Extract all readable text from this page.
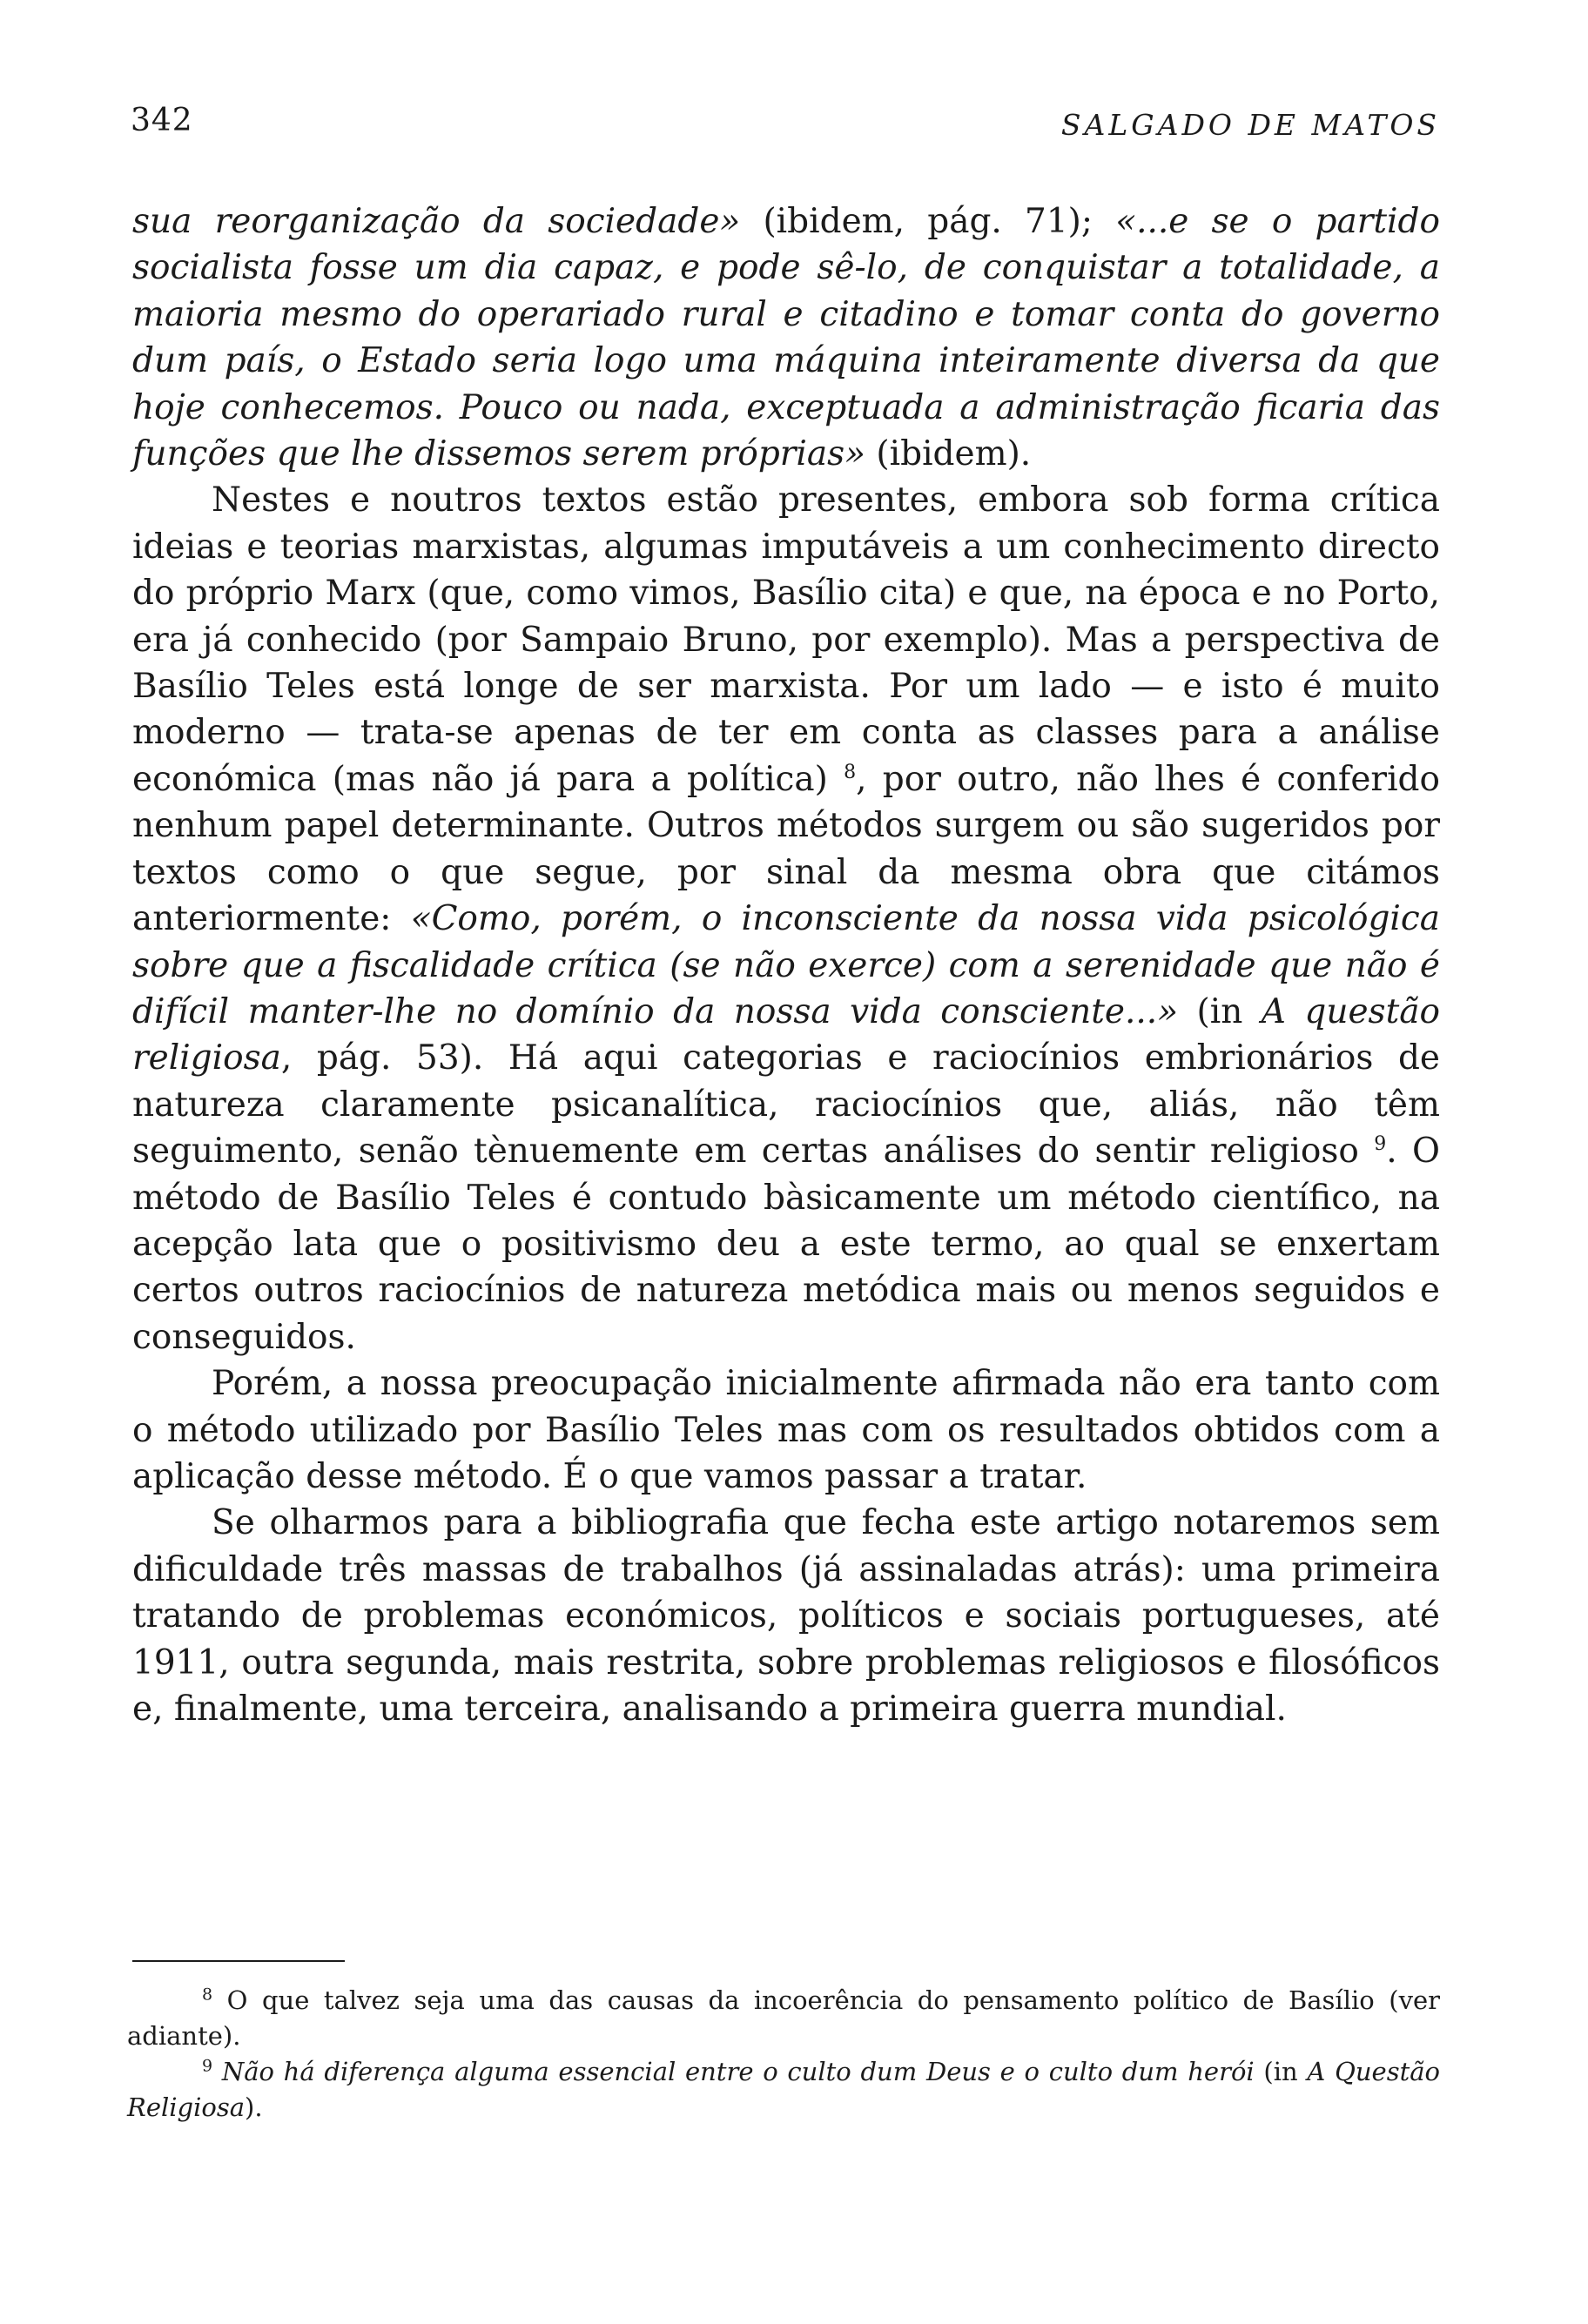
342	SALGADO DE MATOS

sua reorganização da sociedade» (ibidem, pág. 71); «...e se o partido socialista fosse um dia capaz, e pode sê-lo, de conquistar a totalidade, a maioria mesmo do operariado rural e citadino e tomar conta do governo dum país, o Estado seria logo uma máquina inteiramente diversa da que hoje conhecemos. Pouco ou nada, exceptuada a administração ficaria das funções que lhe dissemos serem próprias» (ibidem).

Nestes e noutros textos estão presentes, embora sob forma crítica ideias e teorias marxistas, algumas imputáveis a um conhecimento directo do próprio Marx (que, como vimos, Basílio cita) e que, na época e no Porto, era já conhecido (por Sampaio Bruno, por exemplo). Mas a perspectiva de Basílio Teles está longe de ser marxista. Por um lado — e isto é muito moderno — trata-se apenas de ter em conta as classes para a análise económica (mas não já para a política) $^8$, por outro, não lhes é conferido nenhum papel determinante. Outros métodos surgem ou são sugeridos por textos como o que segue, por sinal da mesma obra que citámos anteriormente: «Como, porém, o inconsciente da nossa vida psicológica sobre que a fiscalidade crítica (se não exerce) com a serenidade que não é difícil manter-lhe no domínio da nossa vida consciente...» (in A questão religiosa, pág. 53). Há aqui categorias e raciocínios embrionários de natureza claramente psicanalítica, raciocínios que, aliás, não têm seguimento, senão tènuemente em certas análises do sentir religioso $^9$. O método de Basílio Teles é contudo bàsicamente um método científico, na acepção lata que o positivismo deu a este termo, ao qual se enxertam certos outros raciocínios de natureza metódica mais ou menos seguidos e conseguidos.

Porém, a nossa preocupação inicialmente afirmada não era tanto com o método utilizado por Basílio Teles mas com os resultados obtidos com a aplicação desse método. É o que vamos passar a tratar.

Se olharmos para a bibliografia que fecha este artigo notaremos sem dificuldade três massas de trabalhos (já assinaladas atrás): uma primeira tratando de problemas económicos, políticos e sociais portugueses, até 1911, outra segunda, mais restrita, sobre problemas religiosos e filosóficos e, finalmente, uma terceira, analisando a primeira guerra mundial.

$^8$ O que talvez seja uma das causas da incoerência do pensamento político de Basílio (ver adiante).

$^9$ Não há diferença alguma essencial entre o culto dum Deus e o culto dum herói (in A Questão Religiosa).
